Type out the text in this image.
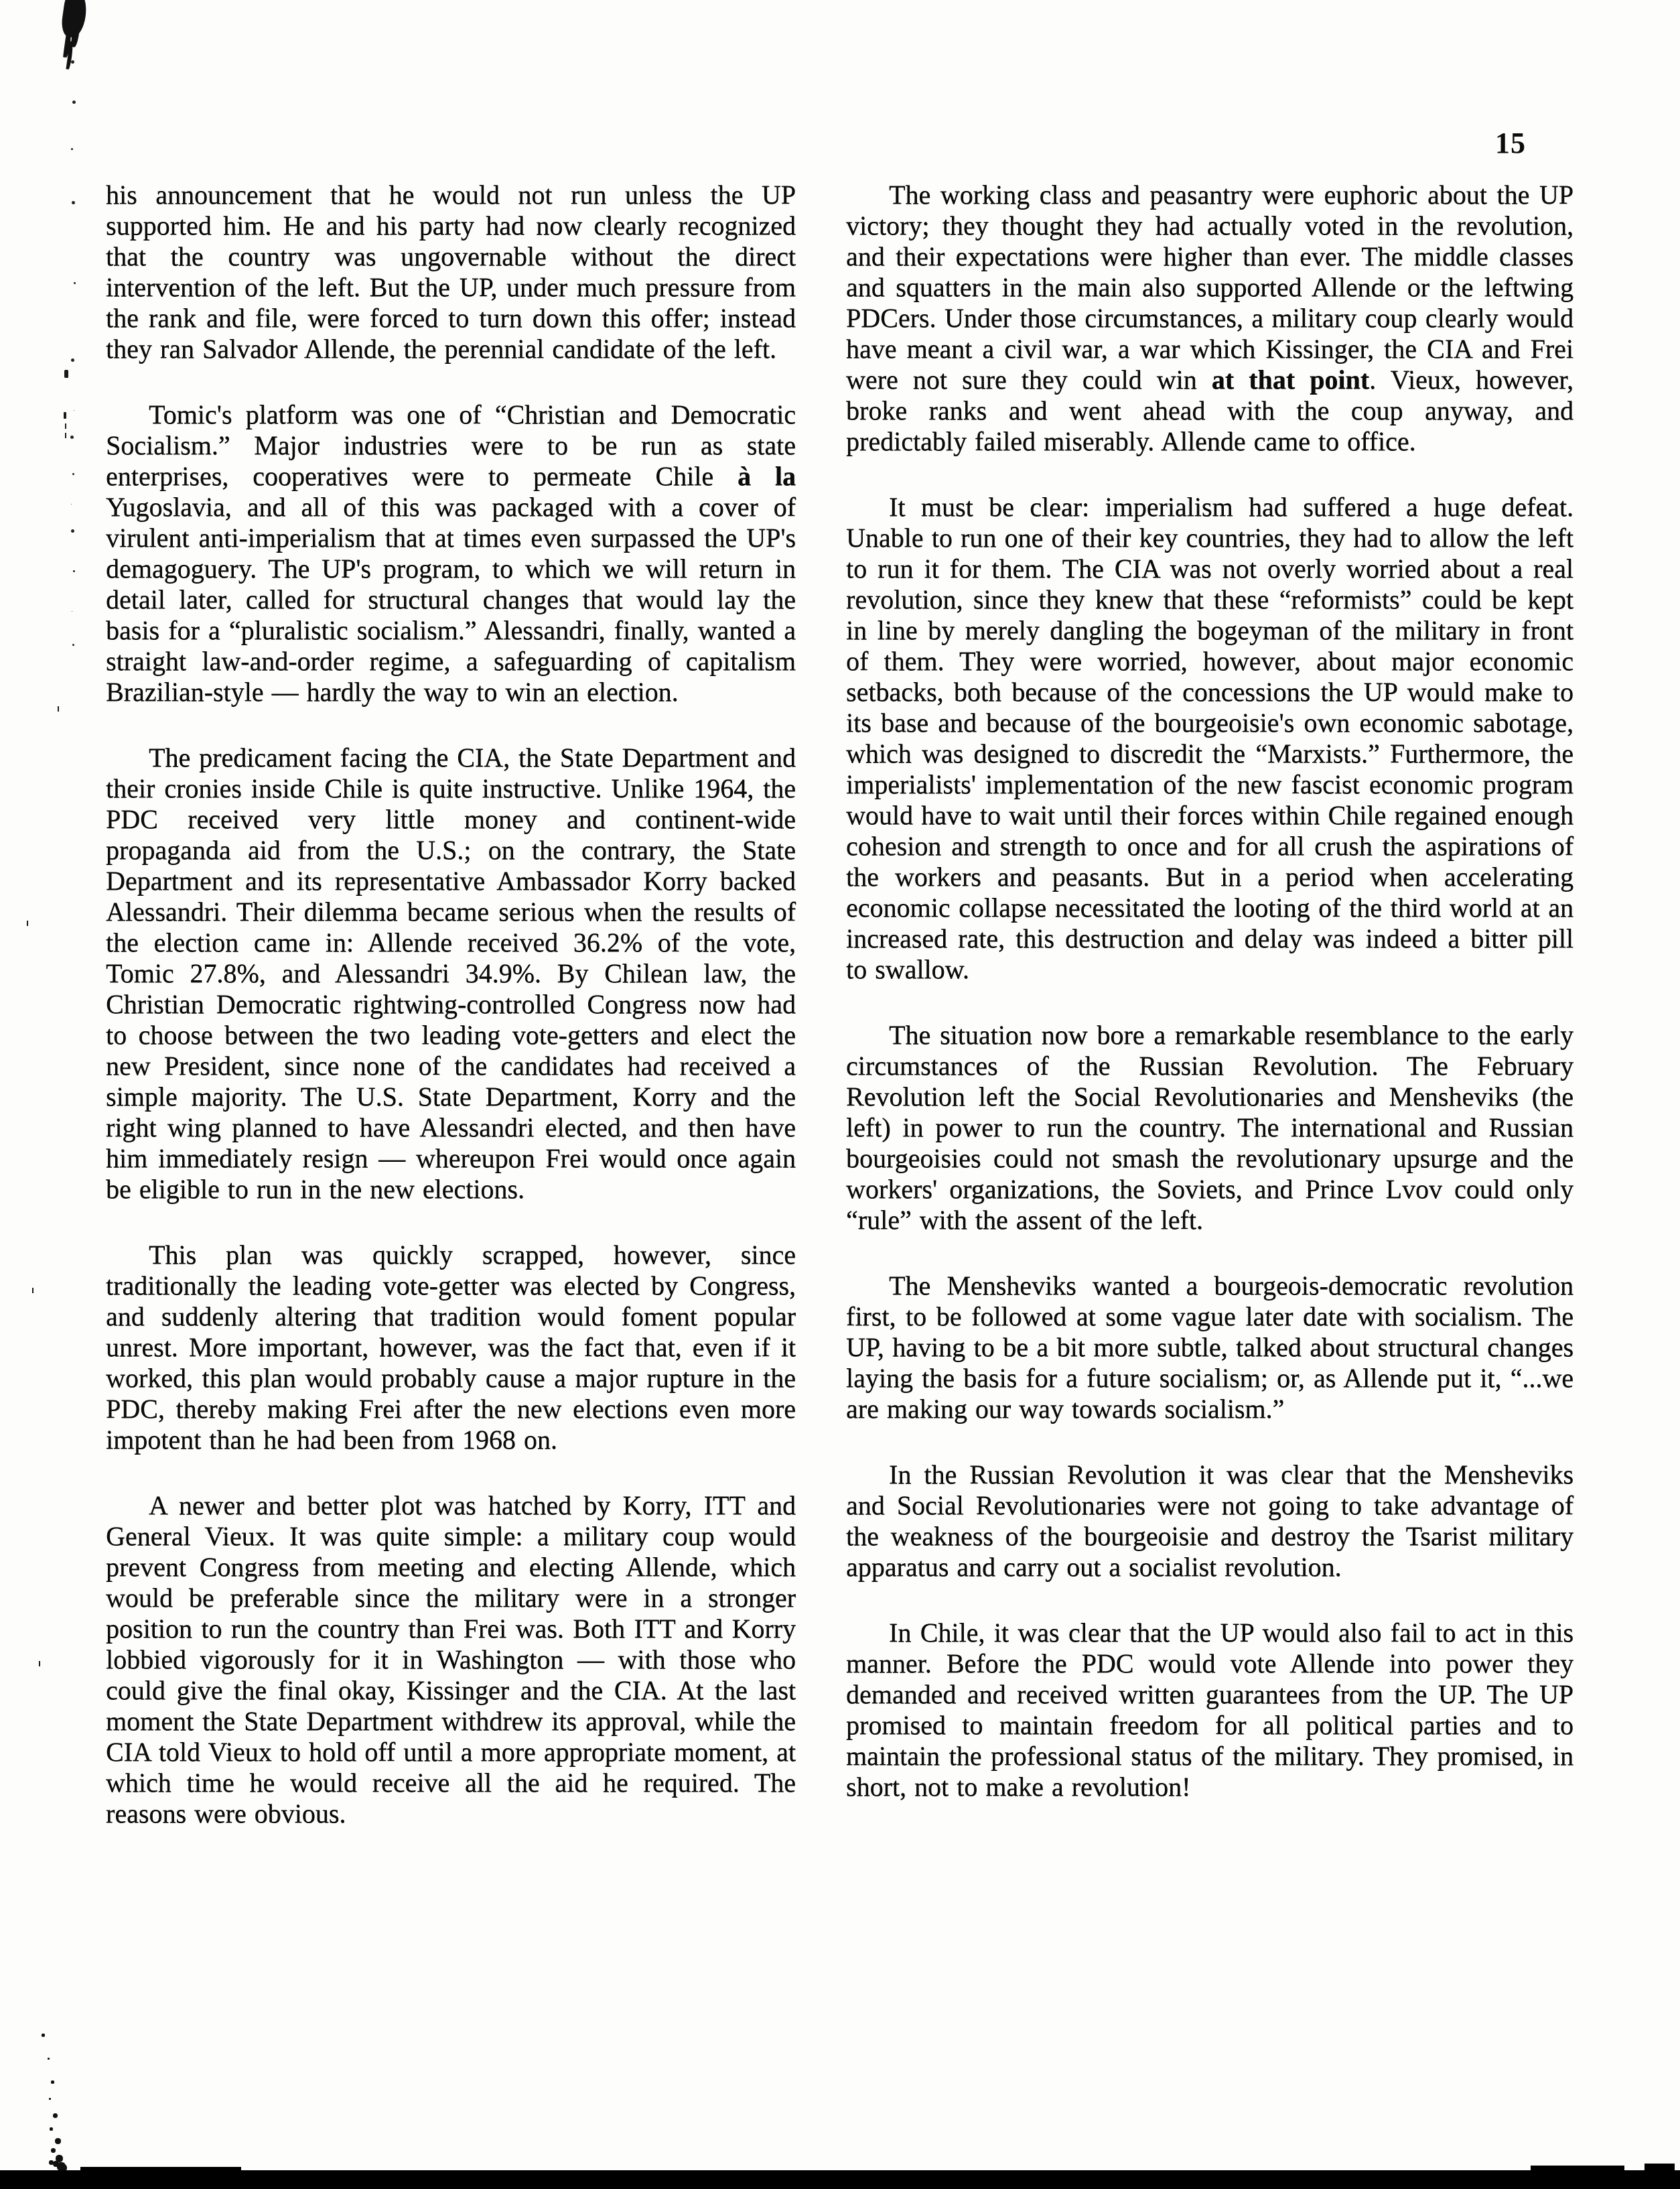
15

his announcement that he would not run unless the UP supported him. He and his party had now clearly recognized that the country was ungovernable without the direct intervention of the left. But the UP, under much pressure from the rank and file, were forced to turn down this offer; instead they ran Salvador Allende, the perennial candidate of the left.

Tomic's platform was one of “Christian and Democratic Socialism.” Major industries were to be run as state enterprises, cooperatives were to permeate Chile à la Yugoslavia, and all of this was packaged with a cover of virulent anti-imperialism that at times even surpassed the UP's demagoguery. The UP's program, to which we will return in detail later, called for structural changes that would lay the basis for a “pluralistic socialism.” Alessandri, finally, wanted a straight law-and-order regime, a safeguarding of capitalism Brazilian-style — hardly the way to win an election.

The predicament facing the CIA, the State Department and their cronies inside Chile is quite instructive. Unlike 1964, the PDC received very little money and continent-wide propaganda aid from the U.S.; on the contrary, the State Department and its representative Ambassador Korry backed Alessandri. Their dilemma became serious when the results of the election came in: Allende received 36.2% of the vote, Tomic 27.8%, and Alessandri 34.9%. By Chilean law, the Christian Democratic rightwing-controlled Congress now had to choose between the two leading vote-getters and elect the new President, since none of the candidates had received a simple majority. The U.S. State Department, Korry and the right wing planned to have Alessandri elected, and then have him immediately resign — whereupon Frei would once again be eligible to run in the new elections.

This plan was quickly scrapped, however, since traditionally the leading vote-getter was elected by Congress, and suddenly altering that tradition would foment popular unrest. More important, however, was the fact that, even if it worked, this plan would probably cause a major rupture in the PDC, thereby making Frei after the new elections even more impotent than he had been from 1968 on.

A newer and better plot was hatched by Korry, ITT and General Vieux. It was quite simple: a military coup would prevent Congress from meeting and electing Allende, which would be preferable since the military were in a stronger position to run the country than Frei was. Both ITT and Korry lobbied vigorously for it in Washington — with those who could give the final okay, Kissinger and the CIA. At the last moment the State Department withdrew its approval, while the CIA told Vieux to hold off until a more appropriate moment, at which time he would receive all the aid he required. The reasons were obvious.

The working class and peasantry were euphoric about the UP victory; they thought they had actually voted in the revolution, and their expectations were higher than ever. The middle classes and squatters in the main also supported Allende or the leftwing PDCers. Under those circumstances, a military coup clearly would have meant a civil war, a war which Kissinger, the CIA and Frei were not sure they could win at that point. Vieux, however, broke ranks and went ahead with the coup anyway, and predictably failed miserably. Allende came to office.

It must be clear: imperialism had suffered a huge defeat. Unable to run one of their key countries, they had to allow the left to run it for them. The CIA was not overly worried about a real revolution, since they knew that these “reformists” could be kept in line by merely dangling the bogeyman of the military in front of them. They were worried, however, about major economic setbacks, both because of the concessions the UP would make to its base and because of the bourgeoisie's own economic sabotage, which was designed to discredit the “Marxists.” Furthermore, the imperialists' implementation of the new fascist economic program would have to wait until their forces within Chile regained enough cohesion and strength to once and for all crush the aspirations of the workers and peasants. But in a period when accelerating economic collapse necessitated the looting of the third world at an increased rate, this destruction and delay was indeed a bitter pill to swallow.

The situation now bore a remarkable resemblance to the early circumstances of the Russian Revolution. The February Revolution left the Social Revolutionaries and Mensheviks (the left) in power to run the country. The international and Russian bourgeoisies could not smash the revolutionary upsurge and the workers' organizations, the Soviets, and Prince Lvov could only “rule” with the assent of the left.

The Mensheviks wanted a bourgeois-democratic revolution first, to be followed at some vague later date with socialism. The UP, having to be a bit more subtle, talked about structural changes laying the basis for a future socialism; or, as Allende put it, “...we are making our way towards socialism.”

In the Russian Revolution it was clear that the Mensheviks and Social Revolutionaries were not going to take advantage of the weakness of the bourgeoisie and destroy the Tsarist military apparatus and carry out a socialist revolution.

In Chile, it was clear that the UP would also fail to act in this manner. Before the PDC would vote Allende into power they demanded and received written guarantees from the UP. The UP promised to maintain freedom for all political parties and to maintain the professional status of the military. They promised, in short, not to make a revolution!
